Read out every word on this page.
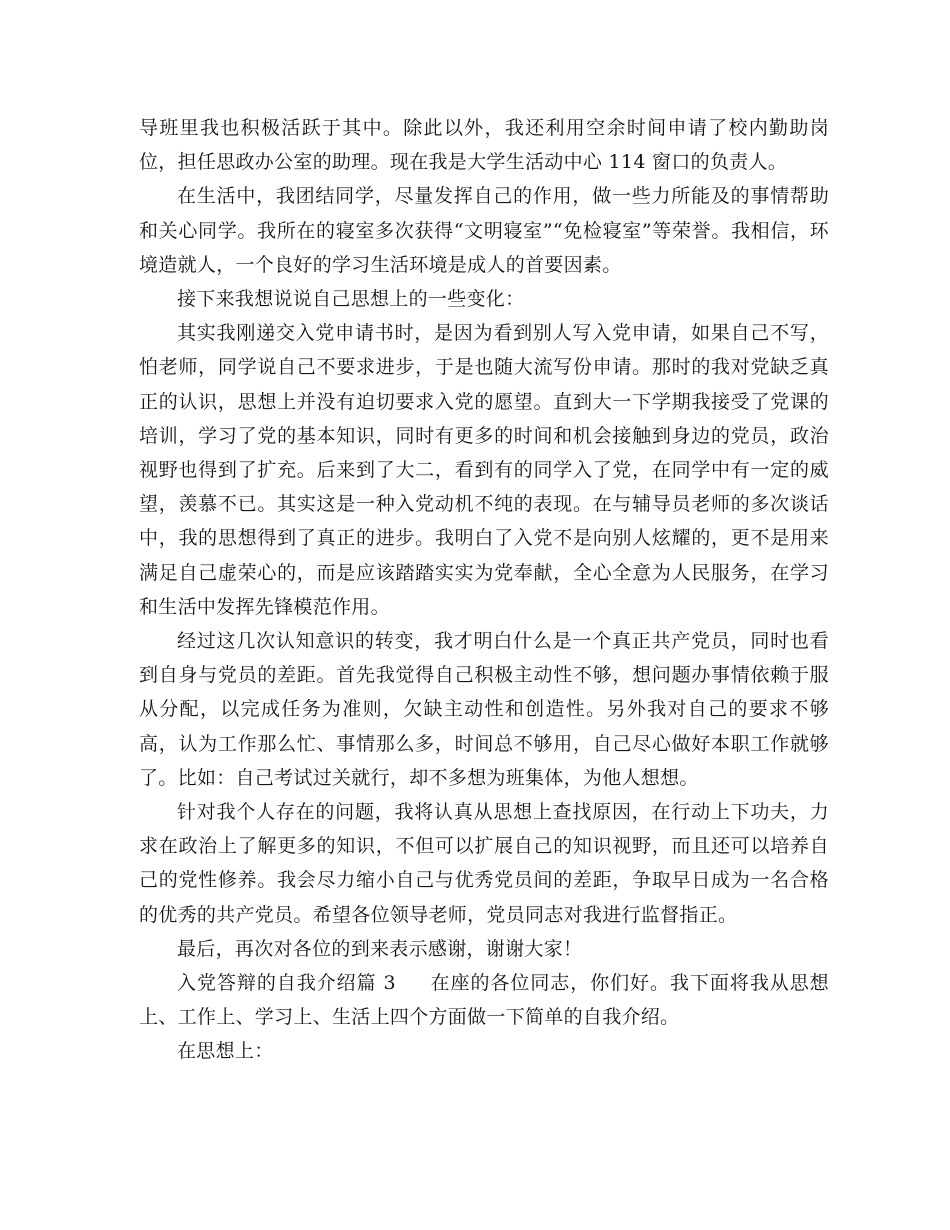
导班里我也积极活跃于其中。除此以外，我还利用空余时间申请了校内勤助岗位，担任思政办公室的助理。现在我是大学生活动中心 114 窗口的负责人。

在生活中，我团结同学，尽量发挥自己的作用，做一些力所能及的事情帮助和关心同学。我所在的寝室多次获得“文明寝室”“免检寝室”等荣誉。我相信，环境造就人，一个良好的学习生活环境是成人的首要因素。

接下来我想说说自己思想上的一些变化：

其实我刚递交入党申请书时，是因为看到别人写入党申请，如果自己不写，怕老师，同学说自己不要求进步，于是也随大流写份申请。那时的我对党缺乏真正的认识，思想上并没有迫切要求入党的愿望。直到大一下学期我接受了党课的培训，学习了党的基本知识，同时有更多的时间和机会接触到身边的党员，政治视野也得到了扩充。后来到了大二，看到有的同学入了党，在同学中有一定的威望，羡慕不已。其实这是一种入党动机不纯的表现。在与辅导员老师的多次谈话中，我的思想得到了真正的进步。我明白了入党不是向别人炫耀的，更不是用来满足自己虚荣心的，而是应该踏踏实实为党奉献，全心全意为人民服务，在学习和生活中发挥先锋模范作用。

经过这几次认知意识的转变，我才明白什么是一个真正共产党员，同时也看到自身与党员的差距。首先我觉得自己积极主动性不够，想问题办事情依赖于服从分配，以完成任务为准则，欠缺主动性和创造性。另外我对自己的要求不够高，认为工作那么忙、事情那么多，时间总不够用，自己尽心做好本职工作就够了。比如：自己考试过关就行，却不多想为班集体，为他人想想。

针对我个人存在的问题，我将认真从思想上查找原因，在行动上下功夫，力求在政治上了解更多的知识，不但可以扩展自己的知识视野，而且还可以培养自己的党性修养。我会尽力缩小自己与优秀党员间的差距，争取早日成为一名合格的优秀的共产党员。希望各位领导老师，党员同志对我进行监督指正。

最后，再次对各位的到来表示感谢，谢谢大家！

入党答辩的自我介绍篇 3 在座的各位同志，你们好。我下面将我从思想上、工作上、学习上、生活上四个方面做一下简单的自我介绍。

在思想上：
